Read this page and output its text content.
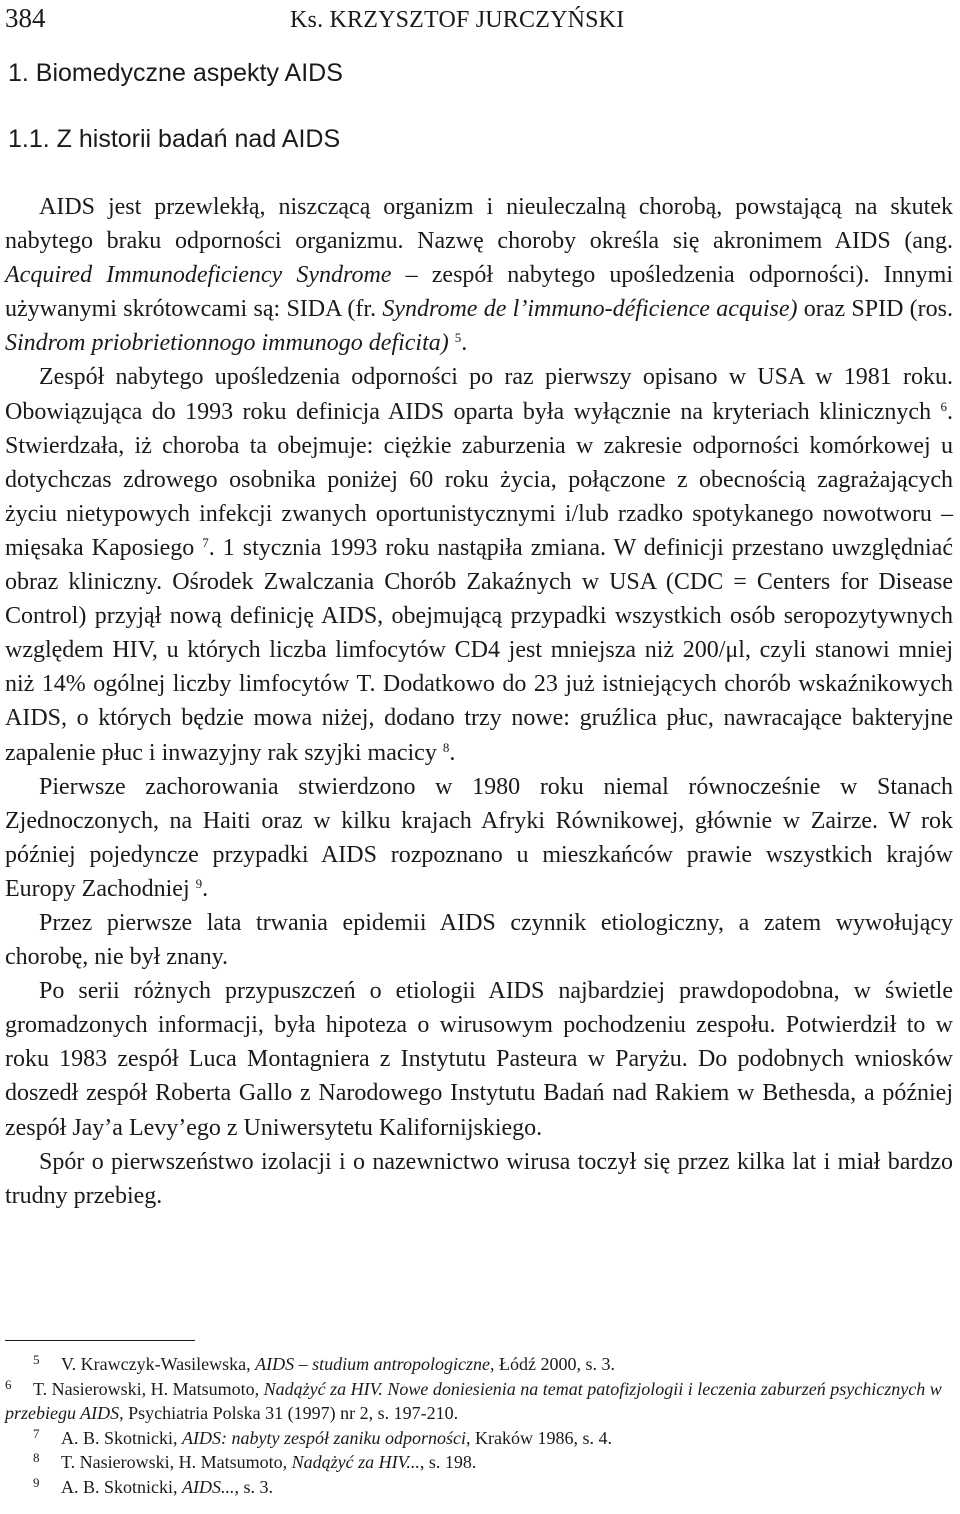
384	Ks. KRZYSZTOF JURCZYŃSKI
1. Biomedyczne aspekty AIDS
1.1. Z historii badań nad AIDS

AIDS jest przewlekłą, niszczącą organizm i nieuleczalną chorobą, powstającą na skutek nabytego braku odporności organizmu. Nazwę choroby określa się akronimem AIDS (ang. Acquired Immunodeficiency Syndrome – zespół nabytego upośledzenia odporności). Innymi używanymi skrótowcami są: SIDA (fr. Syndrome de l’immuno-déficience acquise) oraz SPID (ros. Sindrom priobrietionnogo immunogo deficita) $^5$.

Zespół nabytego upośledzenia odporności po raz pierwszy opisano w USA w 1981 roku. Obowiązująca do 1993 roku definicja AIDS oparta była wyłącznie na kryteriach klinicznych $^6$. Stwierdzała, iż choroba ta obejmuje: ciężkie zaburzenia w zakresie odporności komórkowej u dotychczas zdrowego osobnika poniżej 60 roku życia, połączone z obecnością zagrażających życiu nietypowych infekcji zwanych oportunistycznymi i/lub rzadko spotykanego nowotworu – mięsaka Kaposiego $^7$. 1 stycznia 1993 roku nastąpiła zmiana. W definicji przestano uwzględniać obraz kliniczny. Ośrodek Zwalczania Chorób Zakaźnych w USA (CDC = Centers for Disease Control) przyjął nową definicję AIDS, obejmującą przypadki wszystkich osób seropozytywnych względem HIV, u których liczba limfocytów CD4 jest mniejsza niż 200/μl, czyli stanowi mniej niż 14% ogólnej liczby limfocytów T. Dodatkowo do 23 już istniejących chorób wskaźnikowych AIDS, o których będzie mowa niżej, dodano trzy nowe: gruźlica płuc, nawracające bakteryjne zapalenie płuc i inwazyjny rak szyjki macicy $^8$.

Pierwsze zachorowania stwierdzono w 1980 roku niemal równocześnie w Stanach Zjednoczonych, na Haiti oraz w kilku krajach Afryki Równikowej, głównie w Zairze. W rok później pojedyncze przypadki AIDS rozpoznano u mieszkańców prawie wszystkich krajów Europy Zachodniej $^9$.

Przez pierwsze lata trwania epidemii AIDS czynnik etiologiczny, a zatem wywołujący chorobę, nie był znany.

Po serii różnych przypuszczeń o etiologii AIDS najbardziej prawdopodobna, w świetle gromadzonych informacji, była hipoteza o wirusowym pochodzeniu zespołu. Potwierdził to w roku 1983 zespół Luca Montagniera z Instytutu Pasteura w Paryżu. Do podobnych wniosków doszedł zespół Roberta Gallo z Narodowego Instytutu Badań nad Rakiem w Bethesda, a później zespół Jay’a Levy’ego z Uniwersytetu Kalifornijskiego.

Spór o pierwszeństwo izolacji i o nazewnictwo wirusa toczył się przez kilka lat i miał bardzo trudny przebieg.

5 V. Krawczyk-Wasilewska, AIDS – studium antropologiczne, Łódź 2000, s. 3.

6 T. Nasierowski, H. Matsumoto, Nadążyć za HIV. Nowe doniesienia na temat patofizjologii i leczenia zaburzeń psychicznych w przebiegu AIDS, Psychiatria Polska 31 (1997) nr 2, s. 197-210.

7 A. B. Skotnicki, AIDS: nabyty zespół zaniku odporności, Kraków 1986, s. 4.

8 T. Nasierowski, H. Matsumoto, Nadążyć za HIV..., s. 198.

9 A. B. Skotnicki, AIDS..., s. 3.
